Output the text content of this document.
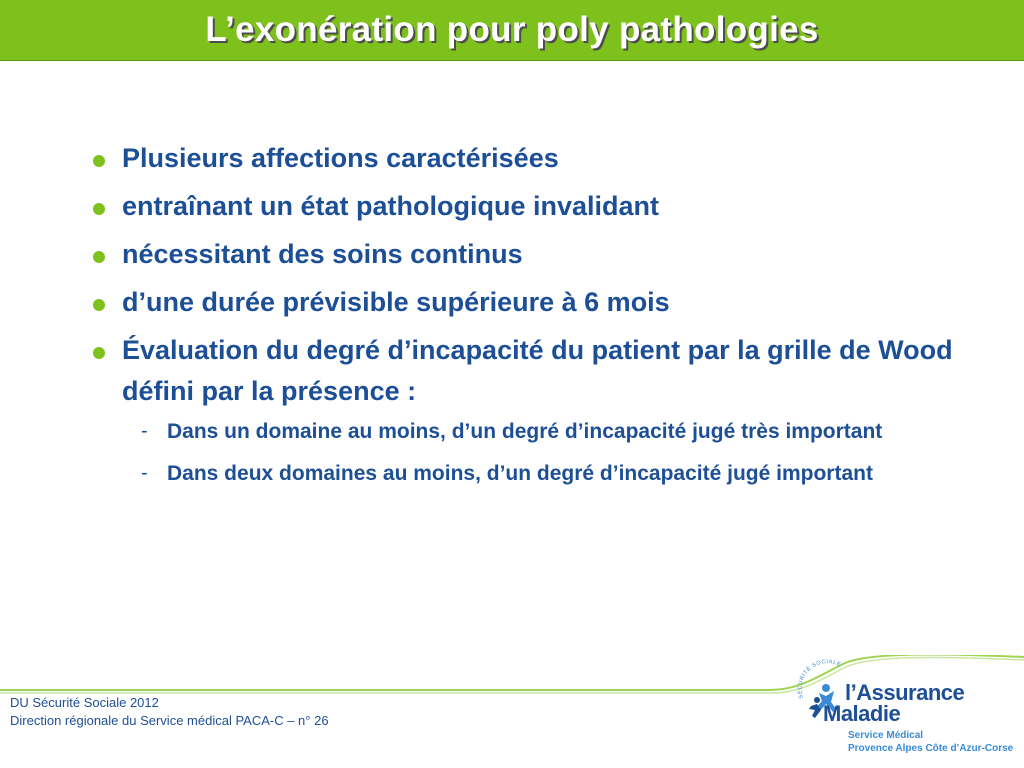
L’exonération pour poly pathologies
Plusieurs affections caractérisées
entraînant un état pathologique invalidant
nécessitant des soins continus
d’une durée prévisible supérieure à 6 mois
Évaluation du degré d’incapacité du patient par la grille de Wood défini par la présence :
- Dans un domaine au moins, d’un degré d’incapacité jugé très important
- Dans deux domaines au moins, d’un degré d’incapacité jugé important
DU Sécurité Sociale 2012
Direction régionale du Service médical PACA-C – n° 26
SÉCURITÉ SOCIALE
l’Assurance
Maladie
Service Médical
Provence Alpes Côte d’Azur-Corse
